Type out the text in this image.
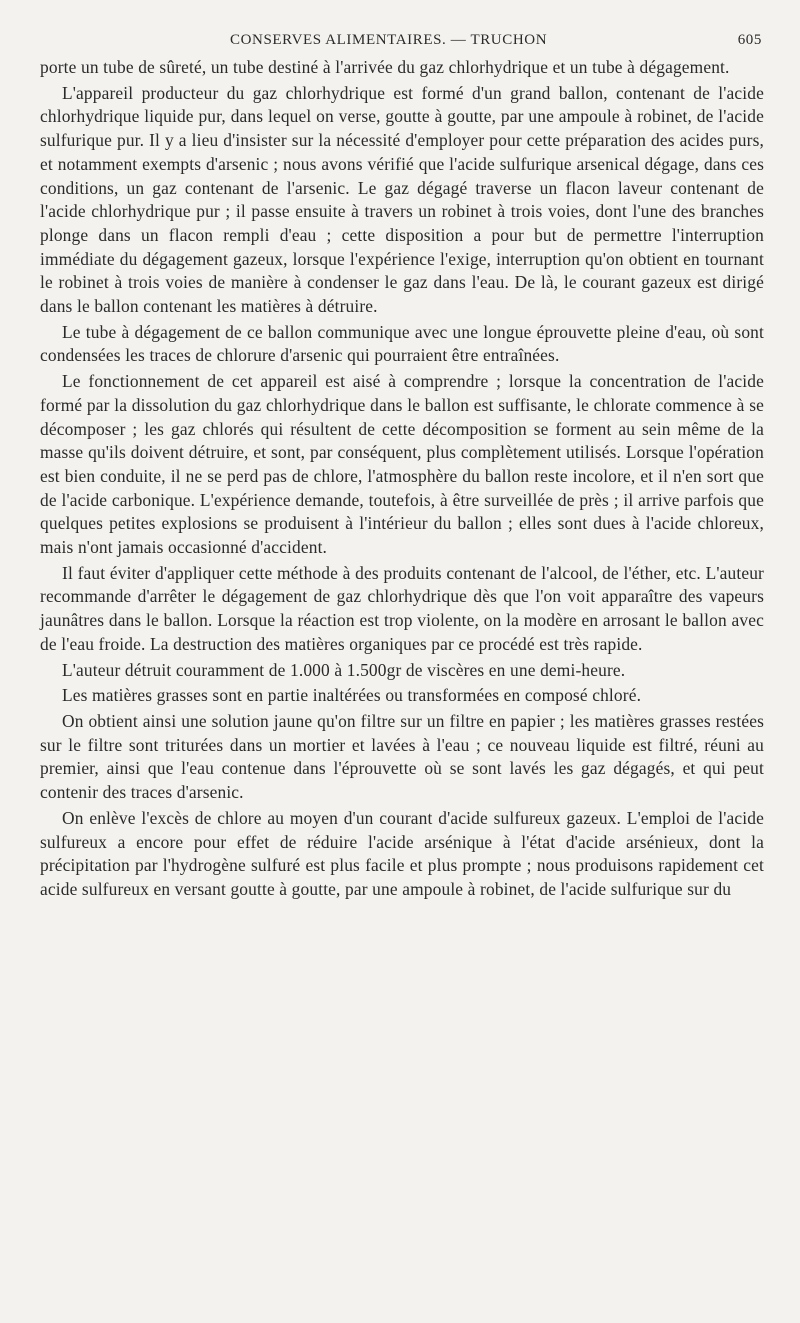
CONSERVES ALIMENTAIRES. — TRUCHON	605

porte un tube de sûreté, un tube destiné à l'arrivée du gaz chlorhydrique et un tube à dégagement.

L'appareil producteur du gaz chlorhydrique est formé d'un grand ballon, contenant de l'acide chlorhydrique liquide pur, dans lequel on verse, goutte à goutte, par une ampoule à robinet, de l'acide sulfurique pur. Il y a lieu d'insister sur la nécessité d'employer pour cette préparation des acides purs, et notamment exempts d'arsenic ; nous avons vérifié que l'acide sulfurique arsenical dégage, dans ces conditions, un gaz contenant de l'arsenic. Le gaz dégagé traverse un flacon laveur contenant de l'acide chlorhydrique pur ; il passe ensuite à travers un robinet à trois voies, dont l'une des branches plonge dans un flacon rempli d'eau ; cette disposition a pour but de permettre l'interruption immédiate du dégagement gazeux, lorsque l'expérience l'exige, interruption qu'on obtient en tournant le robinet à trois voies de manière à condenser le gaz dans l'eau. De là, le courant gazeux est dirigé dans le ballon contenant les matières à détruire.

Le tube à dégagement de ce ballon communique avec une longue éprouvette pleine d'eau, où sont condensées les traces de chlorure d'arsenic qui pourraient être entraînées.

Le fonctionnement de cet appareil est aisé à comprendre ; lorsque la concentration de l'acide formé par la dissolution du gaz chlorhydrique dans le ballon est suffisante, le chlorate commence à se décomposer ; les gaz chlorés qui résultent de cette décomposition se forment au sein même de la masse qu'ils doivent détruire, et sont, par conséquent, plus complètement utilisés. Lorsque l'opération est bien conduite, il ne se perd pas de chlore, l'atmosphère du ballon reste incolore, et il n'en sort que de l'acide carbonique. L'expérience demande, toutefois, à être surveillée de près ; il arrive parfois que quelques petites explosions se produisent à l'intérieur du ballon ; elles sont dues à l'acide chloreux, mais n'ont jamais occasionné d'accident.

Il faut éviter d'appliquer cette méthode à des produits contenant de l'alcool, de l'éther, etc. L'auteur recommande d'arrêter le dégagement de gaz chlorhydrique dès que l'on voit apparaître des vapeurs jaunâtres dans le ballon. Lorsque la réaction est trop violente, on la modère en arrosant le ballon avec de l'eau froide. La destruction des matières organiques par ce procédé est très rapide.

L'auteur détruit couramment de 1.000 à 1.500gr de viscères en une demi-heure.

Les matières grasses sont en partie inaltérées ou transformées en composé chloré.

On obtient ainsi une solution jaune qu'on filtre sur un filtre en papier ; les matières grasses restées sur le filtre sont triturées dans un mortier et lavées à l'eau ; ce nouveau liquide est filtré, réuni au premier, ainsi que l'eau contenue dans l'éprouvette où se sont lavés les gaz dégagés, et qui peut contenir des traces d'arsenic.

On enlève l'excès de chlore au moyen d'un courant d'acide sulfureux gazeux. L'emploi de l'acide sulfureux a encore pour effet de réduire l'acide arsénique à l'état d'acide arsénieux, dont la précipitation par l'hydrogène sulfuré est plus facile et plus prompte ; nous produisons rapidement cet acide sulfureux en versant goutte à goutte, par une ampoule à robinet, de l'acide sulfurique sur du
